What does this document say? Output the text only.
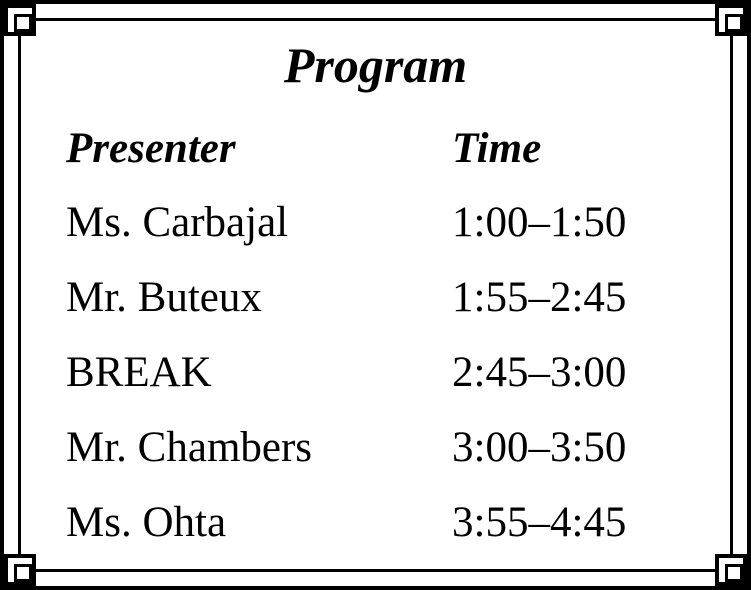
Program
Presenter	Time
Ms. Carbajal	1:00–1:50
Mr. Buteux	1:55–2:45
BREAK	2:45–3:00
Mr. Chambers	3:00–3:50
Ms. Ohta	3:55–4:45
